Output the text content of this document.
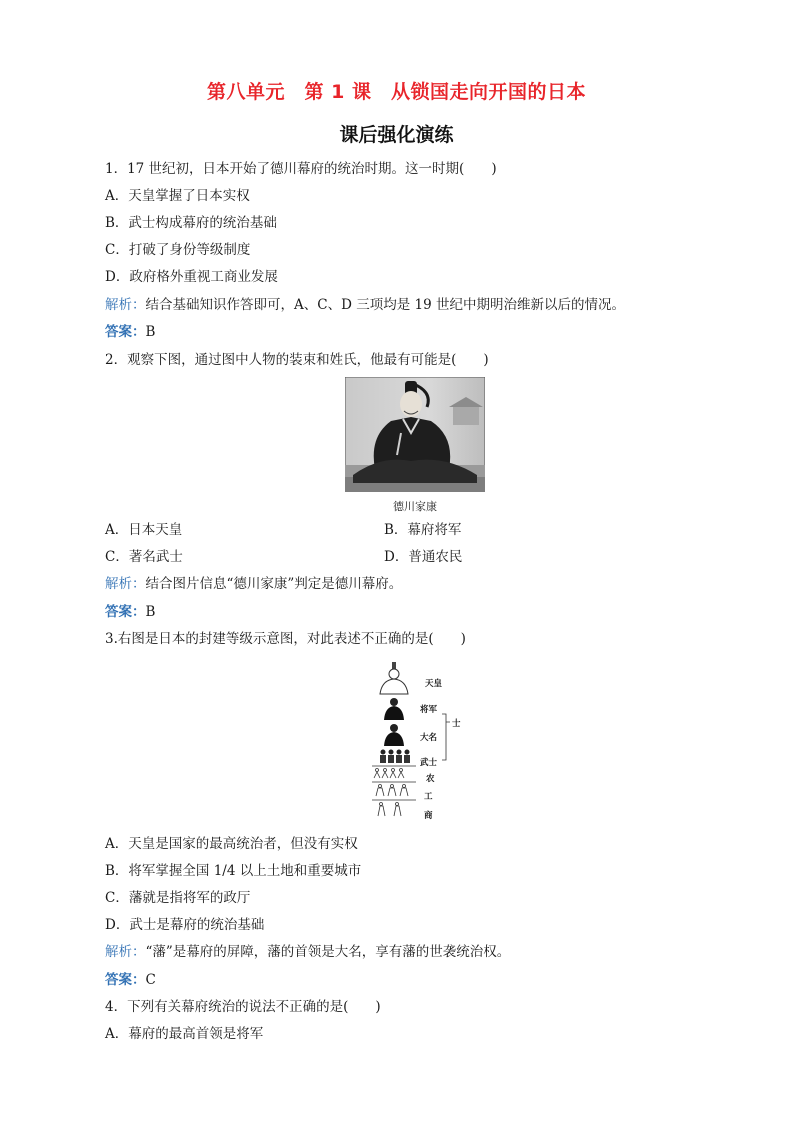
第八单元　第 1 课　从锁国走向开国的日本
课后强化演练
1．17 世纪初，日本开始了德川幕府的统治时期。这一时期(　　)
A．天皇掌握了日本实权
B．武士构成幕府的统治基础
C．打破了身份等级制度
D．政府格外重视工商业发展
解析：结合基础知识作答即可，A、C、D 三项均是 19 世纪中期明治维新以后的情况。
答案：B
2．观察下图，通过图中人物的装束和姓氏，他最有可能是(　　)
德川家康
A．日本天皇	B．幕府将军
C．著名武士	D．普通农民
解析：结合图片信息“德川家康”判定是德川幕府。
答案：B
3.右图是日本的封建等级示意图，对此表述不正确的是(　　)
天皇
将军
大名
武士
士
农
工
商
A．天皇是国家的最高统治者，但没有实权
B．将军掌握全国 1/4 以上土地和重要城市
C．藩就是指将军的政厅
D．武士是幕府的统治基础
解析：“藩”是幕府的屏障，藩的首领是大名，享有藩的世袭统治权。
答案：C
4．下列有关幕府统治的说法不正确的是(　　)
A．幕府的最高首领是将军
